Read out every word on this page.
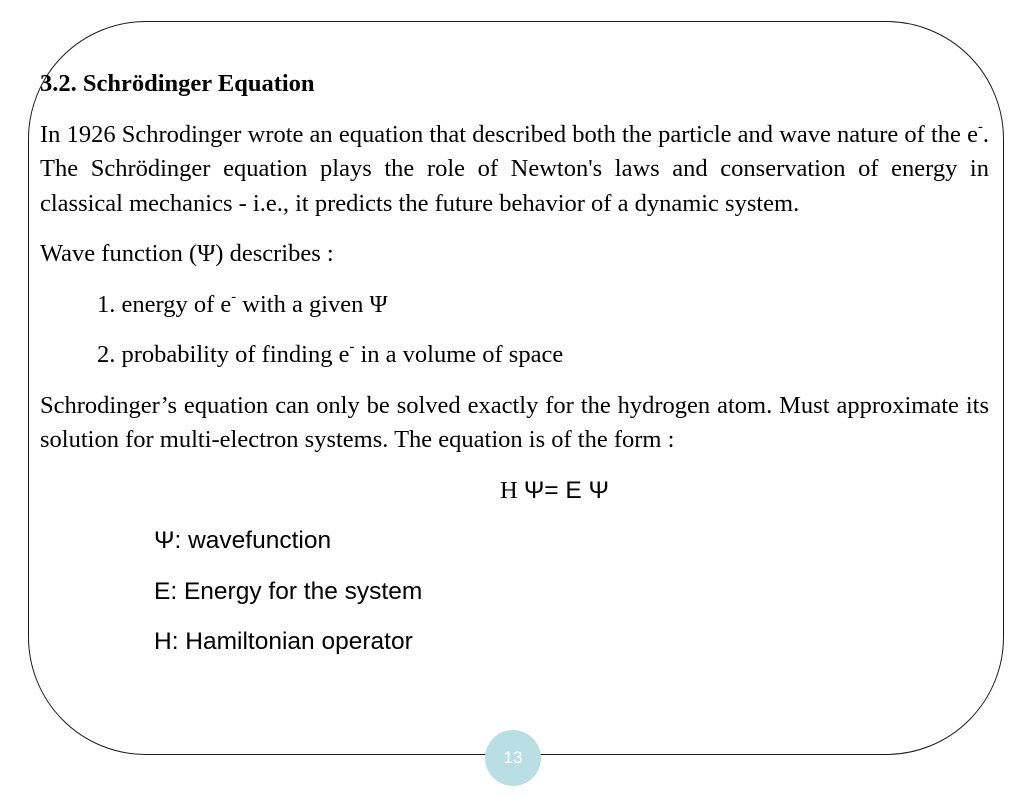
3.2. Schrödinger Equation
In 1926 Schrodinger wrote an equation that described both the particle and wave nature of the e-. The Schrödinger equation plays the role of Newton's laws and conservation of energy in classical mechanics - i.e., it predicts the future behavior of a dynamic system.
Wave function (Ψ) describes :
1. energy of e- with a given Ψ
2. probability of finding e- in a volume of space
Schrodinger’s equation can only be solved exactly for the hydrogen atom. Must approximate its solution for multi-electron systems. The equation is of the form :
H Ψ= E Ψ
Ψ: wavefunction
E: Energy for the system
H: Hamiltonian operator
13
